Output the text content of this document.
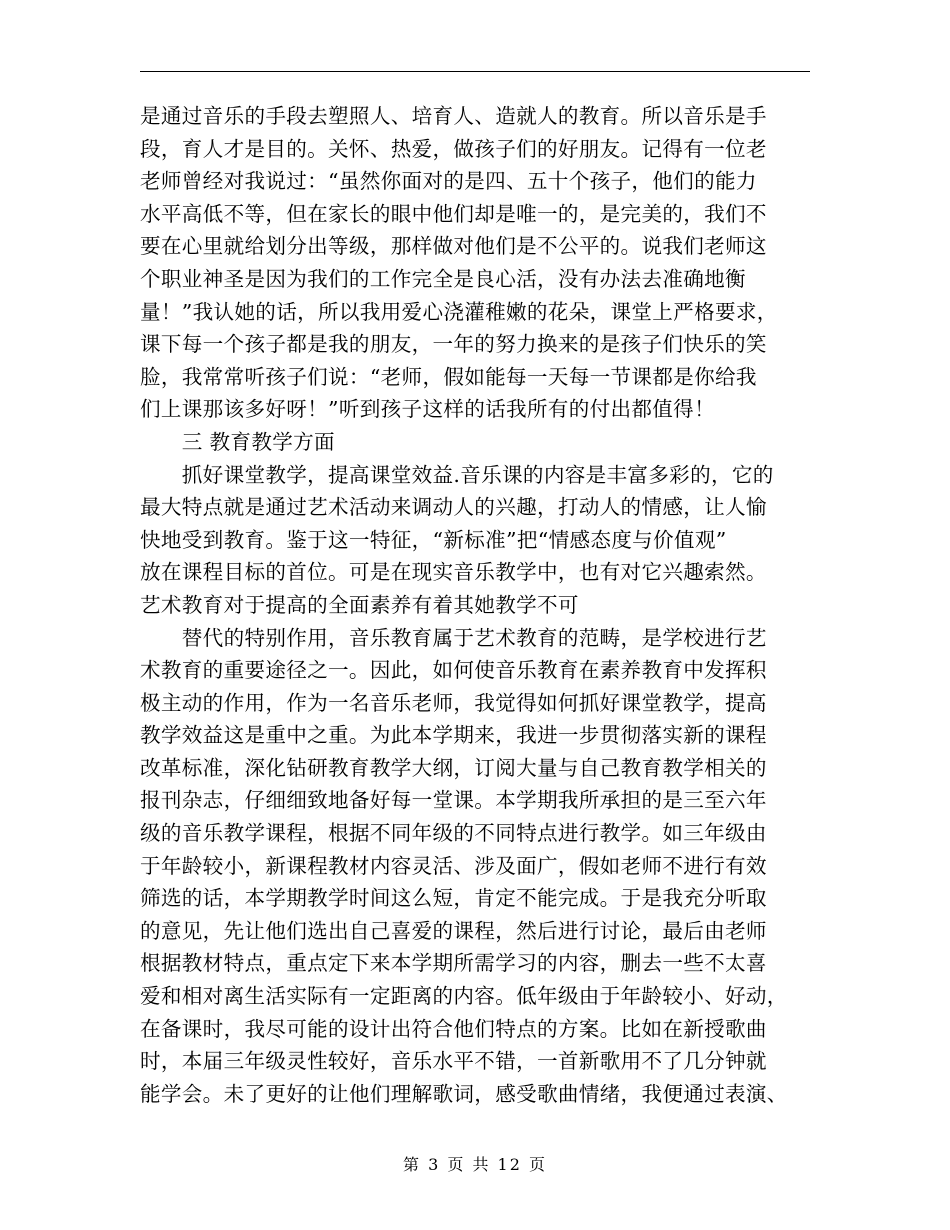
是通过音乐的手段去塑照人、培育人、造就人的教育。所以音乐是手
段，育人才是目的。关怀、热爱，做孩子们的好朋友。记得有一位老
老师曾经对我说过：“虽然你面对的是四、五十个孩子，他们的能力
水平高低不等，但在家长的眼中他们却是唯一的，是完美的，我们不
要在心里就给划分出等级，那样做对他们是不公平的。说我们老师这
个职业神圣是因为我们的工作完全是良心活，没有办法去准确地衡
量！”我认她的话，所以我用爱心浇灌稚嫩的花朵，课堂上严格要求，
课下每一个孩子都是我的朋友，一年的努力换来的是孩子们快乐的笑
脸，我常常听孩子们说：“老师，假如能每一天每一节课都是你给我
们上课那该多好呀！”听到孩子这样的话我所有的付出都值得！
　　三 教育教学方面
　　抓好课堂教学，提高课堂效益.音乐课的内容是丰富多彩的，它的
最大特点就是通过艺术活动来调动人的兴趣，打动人的情感，让人愉
快地受到教育。鉴于这一特征，“新标准”把“情感态度与价值观”
放在课程目标的首位。可是在现实音乐教学中，也有对它兴趣索然。
艺术教育对于提高的全面素养有着其她教学不可
　　替代的特别作用，音乐教育属于艺术教育的范畴，是学校进行艺
术教育的重要途径之一。因此，如何使音乐教育在素养教育中发挥积
极主动的作用，作为一名音乐老师，我觉得如何抓好课堂教学，提高
教学效益这是重中之重。为此本学期来，我进一步贯彻落实新的课程
改革标准，深化钻研教育教学大纲，订阅大量与自己教育教学相关的
报刊杂志，仔细细致地备好每一堂课。本学期我所承担的是三至六年
级的音乐教学课程，根据不同年级的不同特点进行教学。如三年级由
于年龄较小，新课程教材内容灵活、涉及面广，假如老师不进行有效
筛选的话，本学期教学时间这么短，肯定不能完成。于是我充分听取
的意见，先让他们选出自己喜爱的课程，然后进行讨论，最后由老师
根据教材特点，重点定下来本学期所需学习的内容，删去一些不太喜
爱和相对离生活实际有一定距离的内容。低年级由于年龄较小、好动，
在备课时，我尽可能的设计出符合他们特点的方案。比如在新授歌曲
时，本届三年级灵性较好，音乐水平不错，一首新歌用不了几分钟就
能学会。未了更好的让他们理解歌词，感受歌曲情绪，我便通过表演、
第 3 页 共 12 页
